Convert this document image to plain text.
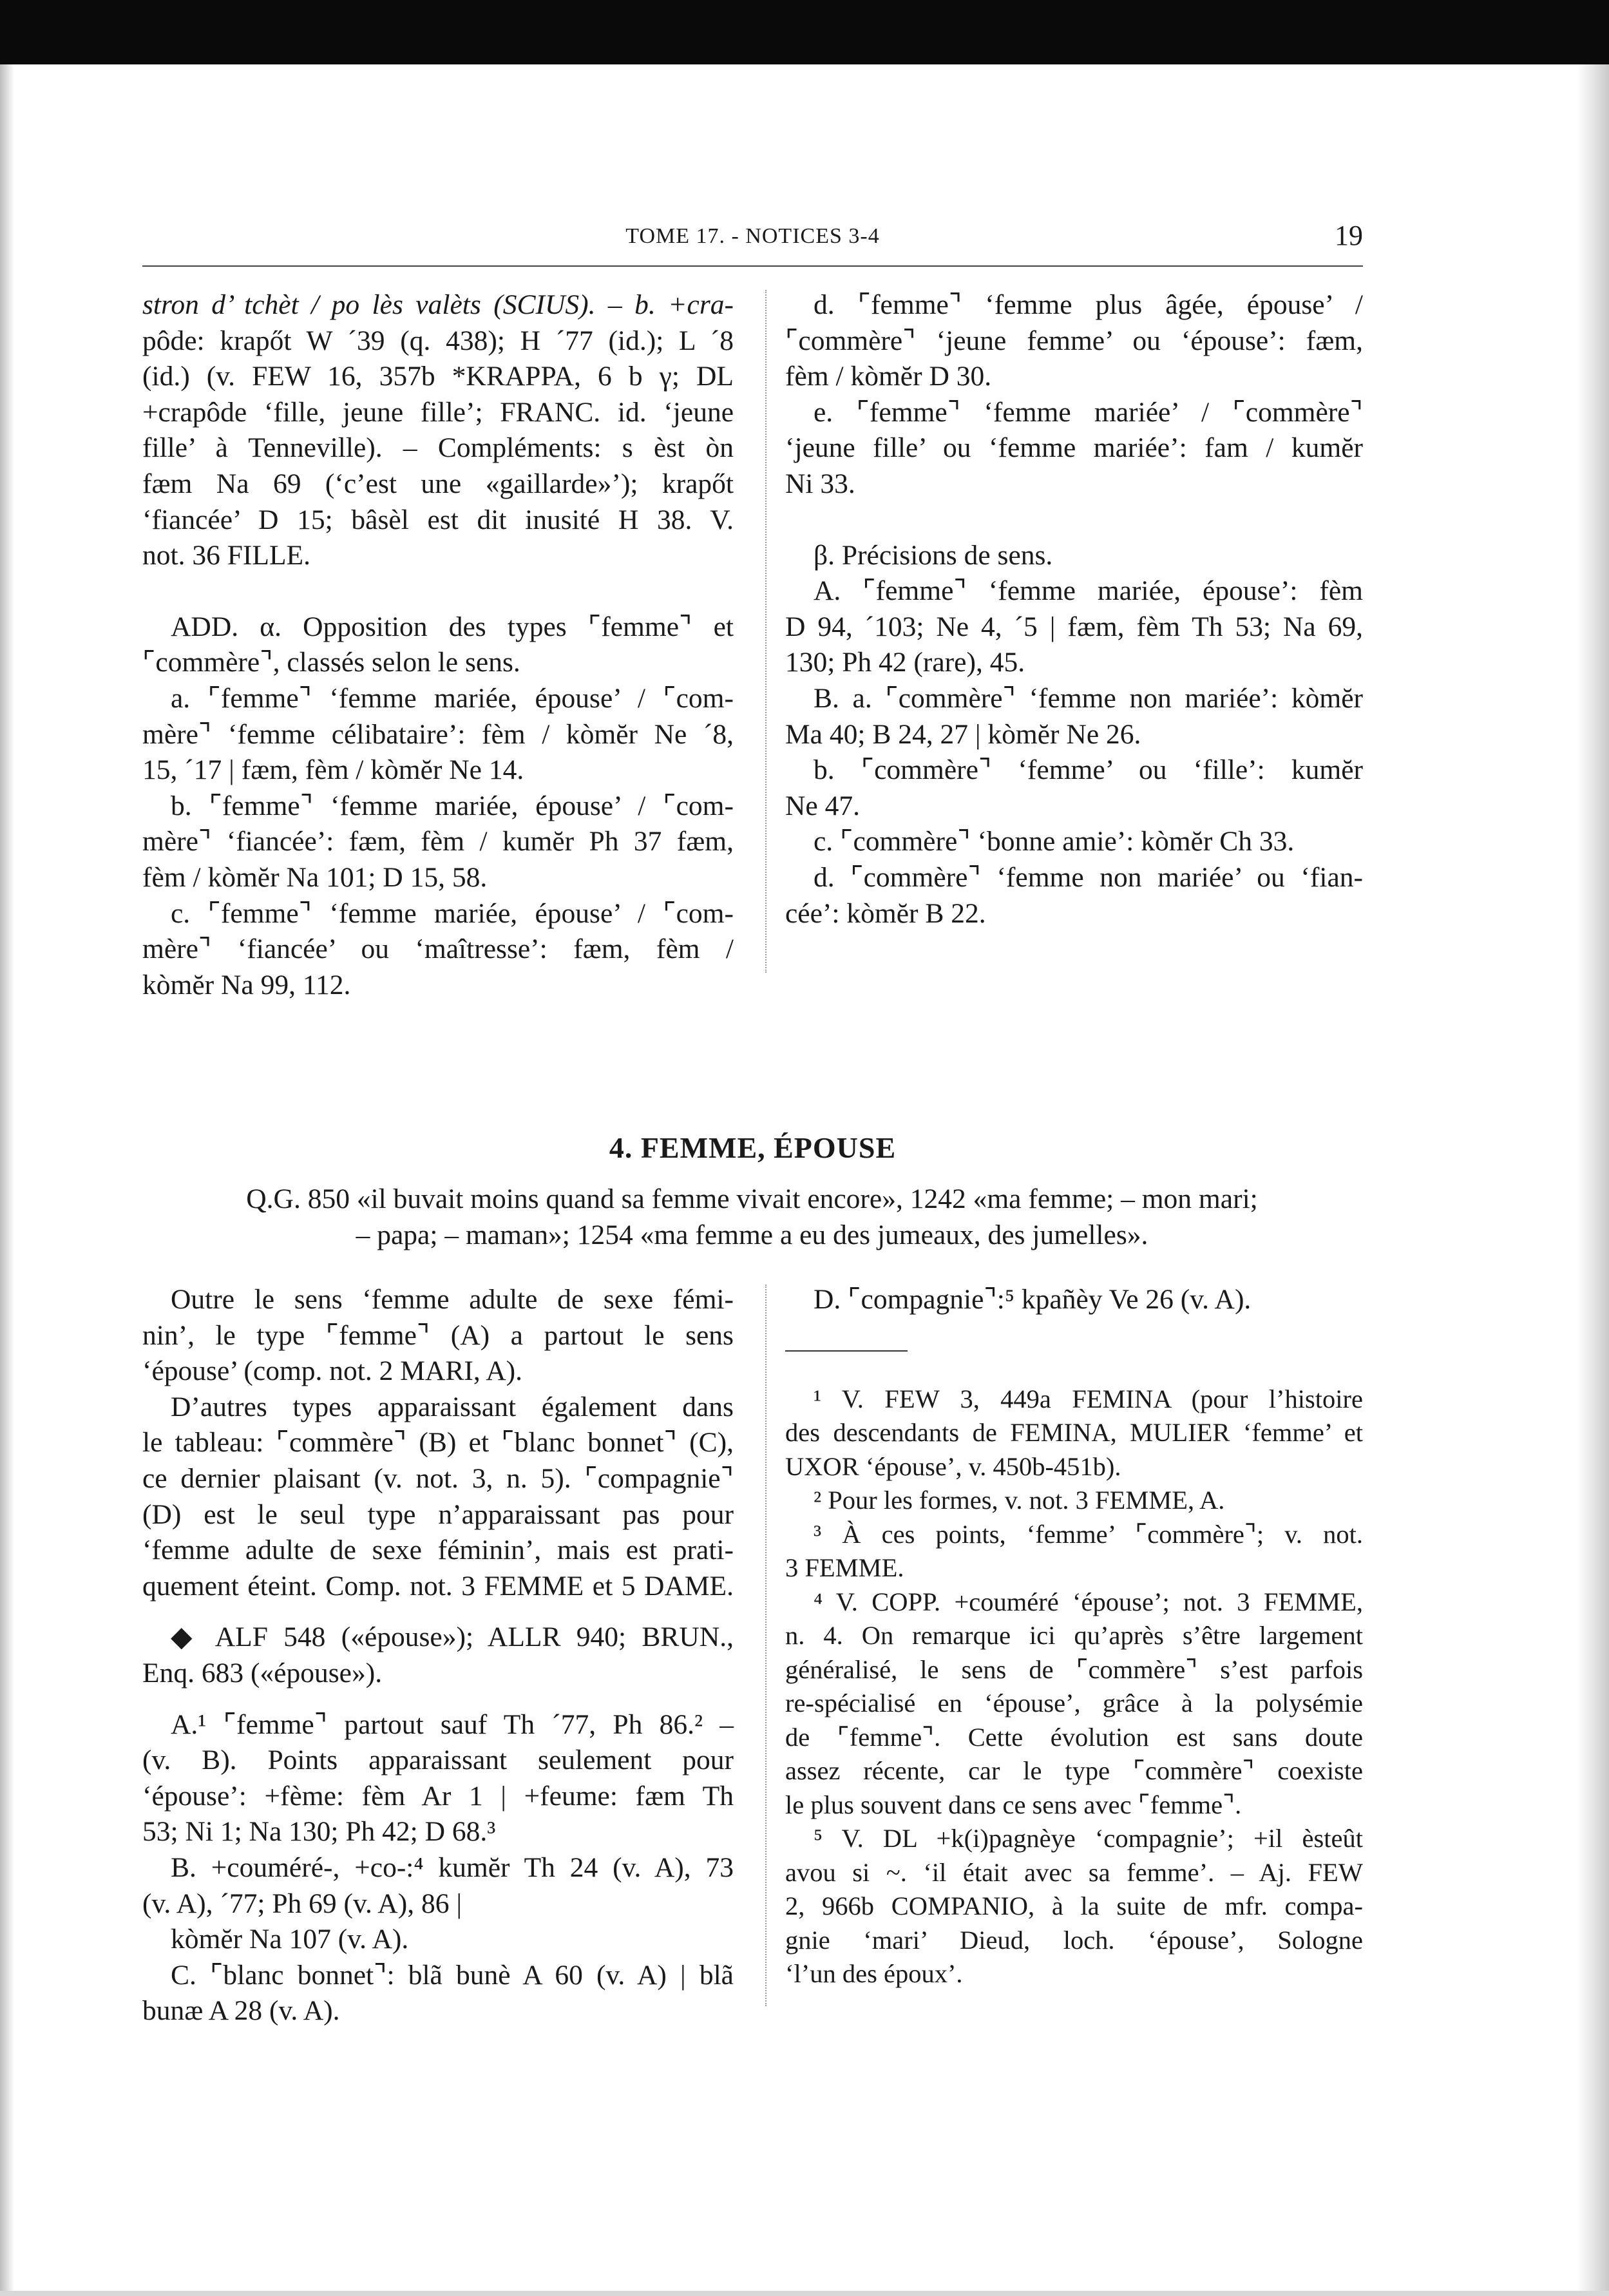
TOME 17. - NOTICES 3-4	19

stron d’ tchèt / po lès valèts (SCIUS). – b. +cra-

pôde: krapőt W ´39 (q. 438); H ´77 (id.); L ´8

(id.) (v. FEW 16, 357b *KRAPPA, 6 b γ; DL

+crapôde ‘fille, jeune fille’; FRANC. id. ‘jeune

fille’ à Tenneville). – Compléments: s èst òn

fæm Na 69 (‘c’est une «gaillarde»’); krapőt

‘fiancée’ D 15; bâsèl est dit inusité H 38. V.

not. 36 FILLE.

ADD. α. Opposition des types ⌜femme⌝ et

⌜commère⌝, classés selon le sens.

a. ⌜femme⌝ ‘femme mariée, épouse’ / ⌜com-

mère⌝ ‘femme célibataire’: fèm / kòmĕr Ne ´8,

15, ´17 | fæm, fèm / kòmĕr Ne 14.

b. ⌜femme⌝ ‘femme mariée, épouse’ / ⌜com-

mère⌝ ‘fiancée’: fæm, fèm / kumĕr Ph 37 fæm,

fèm / kòmĕr Na 101; D 15, 58.

c. ⌜femme⌝ ‘femme mariée, épouse’ / ⌜com-

mère⌝ ‘fiancée’ ou ‘maîtresse’: fæm, fèm /

kòmĕr Na 99, 112.

d. ⌜femme⌝ ‘femme plus âgée, épouse’ /

⌜commère⌝ ‘jeune femme’ ou ‘épouse’: fæm,

fèm / kòmĕr D 30.

e. ⌜femme⌝ ‘femme mariée’ / ⌜commère⌝

‘jeune fille’ ou ‘femme mariée’: fam / kumĕr

Ni 33.

β. Précisions de sens.

A. ⌜femme⌝ ‘femme mariée, épouse’: fèm

D 94, ´103; Ne 4, ´5 | fæm, fèm Th 53; Na 69,

130; Ph 42 (rare), 45.

B. a. ⌜commère⌝ ‘femme non mariée’: kòmĕr

Ma 40; B 24, 27 | kòmĕr Ne 26.

b. ⌜commère⌝ ‘femme’ ou ‘fille’: kumĕr

Ne 47.

c. ⌜commère⌝ ‘bonne amie’: kòmĕr Ch 33.

d. ⌜commère⌝ ‘femme non mariée’ ou ‘fian-

cée’: kòmĕr B 22.

4. FEMME, ÉPOUSE
Q.G. 850 «il buvait moins quand sa femme vivait encore», 1242 «ma femme; – mon mari;
– papa; – maman»; 1254 «ma femme a eu des jumeaux, des jumelles».

Outre le sens ‘femme adulte de sexe fémi-

nin’, le type ⌜femme⌝ (A) a partout le sens

‘épouse’ (comp. not. 2 MARI, A).

D’autres types apparaissant également dans

le tableau: ⌜commère⌝ (B) et ⌜blanc bonnet⌝ (C),

ce dernier plaisant (v. not. 3, n. 5). ⌜compagnie⌝

(D) est le seul type n’apparaissant pas pour

‘femme adulte de sexe féminin’, mais est prati-

quement éteint. Comp. not. 3 FEMME et 5 DAME.

◆ ALF 548 («épouse»); ALLR 940; BRUN.,

Enq. 683 («épouse»).

A.¹ ⌜femme⌝ partout sauf Th ´77, Ph 86.² –

(v. B). Points apparaissant seulement pour

‘épouse’: +fème: fèm Ar 1 | +feume: fæm Th

53; Ni 1; Na 130; Ph 42; D 68.³

B. +couméré-, +co-:⁴ kumĕr Th 24 (v. A), 73

(v. A), ´77; Ph 69 (v. A), 86 |

kòmĕr Na 107 (v. A).

C. ⌜blanc bonnet⌝: blã bunè A 60 (v. A) | blã

bunæ A 28 (v. A).

D. ⌜compagnie⌝:⁵ kpañèy Ve 26 (v. A).

¹ V. FEW 3, 449a FEMINA (pour l’histoire

des descendants de FEMINA, MULIER ‘femme’ et

UXOR ‘épouse’, v. 450b-451b).

² Pour les formes, v. not. 3 FEMME, A.

³ À ces points, ‘femme’ ⌜commère⌝; v. not.

3 FEMME.

⁴ V. COPP. +couméré ‘épouse’; not. 3 FEMME,

n. 4. On remarque ici qu’après s’être largement

généralisé, le sens de ⌜commère⌝ s’est parfois

re-spécialisé en ‘épouse’, grâce à la polysémie

de ⌜femme⌝. Cette évolution est sans doute

assez récente, car le type ⌜commère⌝ coexiste

le plus souvent dans ce sens avec ⌜femme⌝.

⁵ V. DL +k(i)pagnèye ‘compagnie’; +il èsteût

avou si ~. ‘il était avec sa femme’. – Aj. FEW

2, 966b COMPANIO, à la suite de mfr. compa-

gnie ‘mari’ Dieud, loch. ‘épouse’, Sologne

‘l’un des époux’.
